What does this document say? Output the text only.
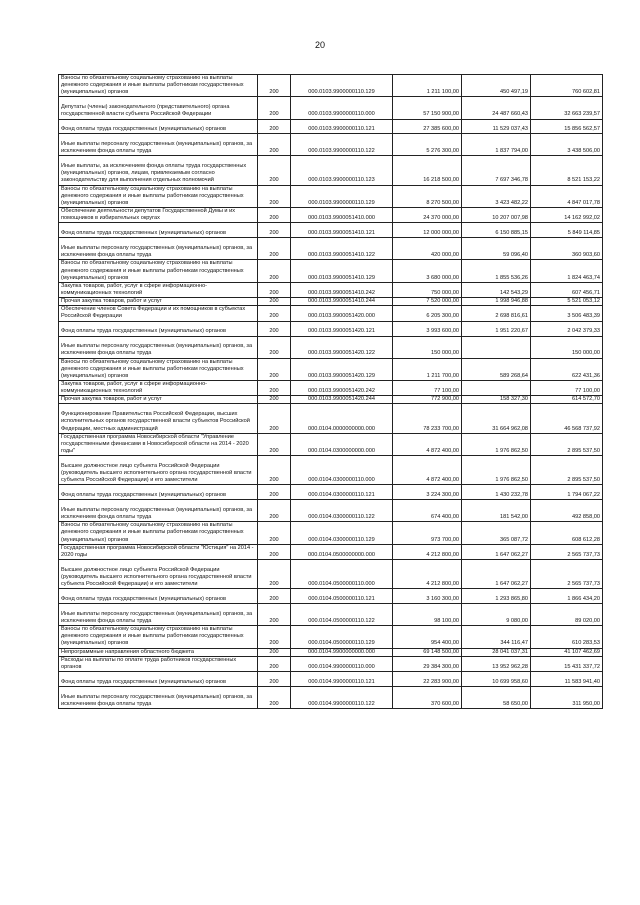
20
Взносы по обязательному социальному страхованию на выплаты денежного содержания и иные выплаты работникам государственных (муниципальных) органов	200	000.0103.9900000110.129	1 211 100,00	450 497,19	760 602,81
Депутаты (члены) законодательного (представительного) органа государственной власти субъекта Российской Федерации	200	000.0103.9900000110.000	57 150 900,00	24 487 660,43	32 663 239,57
Фонд оплаты труда государственных (муниципальных) органов	200	000.0103.9900000110.121	27 385 600,00	11 529 037,43	15 856 562,57
Иные выплаты персоналу государственных (муниципальных) органов, за исключением фонда оплаты труда	200	000.0103.9900000110.122	5 276 300,00	1 837 794,00	3 438 506,00
Иные выплаты, за исключением фонда оплаты труда государственных (муниципальных) органов, лицам, привлекаемым согласно законодательству для выполнения отдельных полномочий	200	000.0103.9900000110.123	16 218 500,00	7 697 346,78	8 521 153,22
Взносы по обязательному социальному страхованию на выплаты денежного содержания и иные выплаты работникам государственных (муниципальных) органов	200	000.0103.9900000110.129	8 270 500,00	3 423 482,22	4 847 017,78
Обеспечение деятельности депутатов Государственной Думы и их помощников в избирательных округах	200	000.0103.9900051410.000	24 370 000,00	10 207 007,98	14 162 992,02
Фонд оплаты труда государственных (муниципальных) органов	200	000.0103.9900051410.121	12 000 000,00	6 150 885,15	5 849 114,85
Иные выплаты персоналу государственных (муниципальных) органов, за исключением фонда оплаты труда	200	000.0103.9900051410.122	420 000,00	59 096,40	360 903,60
Взносы по обязательному социальному страхованию на выплаты денежного содержания и иные выплаты работникам государственных (муниципальных) органов	200	000.0103.9900051410.129	3 680 000,00	1 855 536,26	1 824 463,74
Закупка товаров, работ, услуг в сфере информационно-коммуникационных технологий	200	000.0103.9900051410.242	750 000,00	142 543,29	607 456,71
Прочая закупка товаров, работ и услуг	200	000.0103.9900051410.244	7 520 000,00	1 998 946,88	5 521 053,12
Обеспечение членов Совета Федерации и их помощников в субъектах Российской Федерации	200	000.0103.9900051420.000	6 205 300,00	2 698 816,61	3 506 483,39
Фонд оплаты труда государственных (муниципальных) органов	200	000.0103.9900051420.121	3 993 600,00	1 951 220,67	2 042 379,33
Иные выплаты персоналу государственных (муниципальных) органов, за исключением фонда оплаты труда	200	000.0103.9900051420.122	150 000,00		150 000,00
Взносы по обязательному социальному страхованию на выплаты денежного содержания и иные выплаты работникам государственных (муниципальных) органов	200	000.0103.9900051420.129	1 211 700,00	589 268,64	622 431,36
Закупка товаров, работ, услуг в сфере информационно-коммуникационных технологий	200	000.0103.9900051420.242	77 100,00		77 100,00
Прочая закупка товаров, работ и услуг	200	000.0103.9900051420.244	772 900,00	158 327,30	614 572,70
Функционирование Правительства Российской Федерации, высших исполнительных органов государственной власти субъектов Российской Федерации, местных администраций	200	000.0104.0000000000.000	78 233 700,00	31 664 962,08	46 568 737,92
Государственная программа Новосибирской области "Управление государственными финансами в Новосибирской области на 2014 - 2020 годы"	200	000.0104.0300000000.000	4 872 400,00	1 976 862,50	2 895 537,50
Высшее должностное лицо субъекта Российской Федерации (руководитель высшего исполнительного органа государственной власти субъекта Российской Федерации) и его заместители	200	000.0104.0300000110.000	4 872 400,00	1 976 862,50	2 895 537,50
Фонд оплаты труда государственных (муниципальных) органов	200	000.0104.0300000110.121	3 224 300,00	1 430 232,78	1 794 067,22
Иные выплаты персоналу государственных (муниципальных) органов, за исключением фонда оплаты труда	200	000.0104.0300000110.122	674 400,00	181 542,00	492 858,00
Взносы по обязательному социальному страхованию на выплаты денежного содержания и иные выплаты работникам государственных (муниципальных) органов	200	000.0104.0300000110.129	973 700,00	365 087,72	608 612,28
Государственная программа Новосибирской области "Юстиция" на 2014 - 2020 годы	200	000.0104.0500000000.000	4 212 800,00	1 647 062,27	2 565 737,73
Высшее должностное лицо субъекта Российской Федерации (руководитель высшего исполнительного органа государственной власти субъекта Российской Федерации) и его заместители	200	000.0104.0500000110.000	4 212 800,00	1 647 062,27	2 565 737,73
Фонд оплаты труда государственных (муниципальных) органов	200	000.0104.0500000110.121	3 160 300,00	1 293 865,80	1 866 434,20
Иные выплаты персоналу государственных (муниципальных) органов, за исключением фонда оплаты труда	200	000.0104.0500000110.122	98 100,00	9 080,00	89 020,00
Взносы по обязательному социальному страхованию на выплаты денежного содержания и иные выплаты работникам государственных (муниципальных) органов	200	000.0104.0500000110.129	954 400,00	344 116,47	610 283,53
Непрограммные направления областного бюджета	200	000.0104.9900000000.000	69 148 500,00	28 041 037,31	41 107 462,69
Расходы на выплаты по оплате труда работников государственных органов	200	000.0104.9900000110.000	29 384 300,00	13 952 962,28	15 431 337,72
Фонд оплаты труда государственных (муниципальных) органов	200	000.0104.9900000110.121	22 283 900,00	10 699 958,60	11 583 941,40
Иные выплаты персоналу государственных (муниципальных) органов, за исключением фонда оплаты труда	200	000.0104.9900000110.122	370 600,00	58 650,00	311 950,00
